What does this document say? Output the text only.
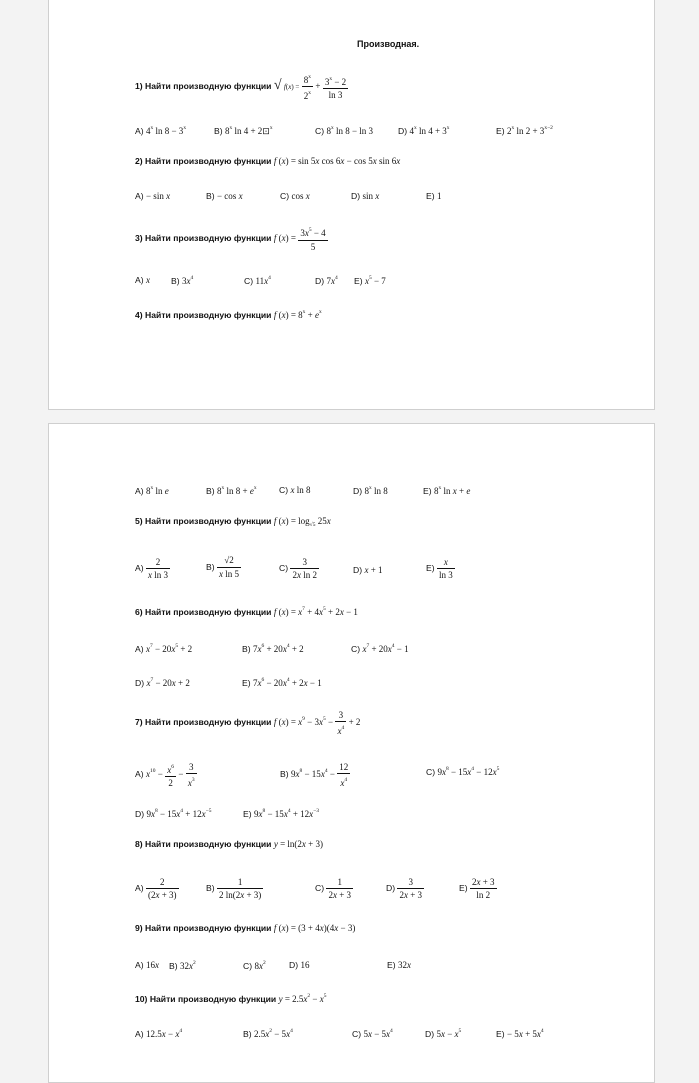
Производная.
1) Найти производную функции √ $f(x) = \frac{8^x}{2^x} + \frac{3^x - 2}{\ln 3}$
A) 4$^x$ $\ln 8 - 3^x$	B) 8$^x$ ln 4 + 2⊡$^x$	C) 8$^x$ ln 8 − ln 3	D) 4$^x$ $\ln 4 + 3^x$	E) 2$^x$ $\ln 2 + 3^{x-2}$
2) Найти производную функции f (x) = sin 5x cos 6x − cos 5x sin 6x
A) − sin x	B) − cos x	C) cos x	D) sin x	E) 1
3) Найти производную функции f $(x) = \frac{3x^5 - 4}{5}$
A) x B) $3x^4$	C) $11x^4$	D) $7x^4$ E) $x^5 - 7$
4) Найти производную функции f $(x) = 8^x + e^x$
A) 8$^x$ ln e	B) 8$^x$ $\ln 8 + e^x$	C) x ln 8	D) 8$^x$ ln 8	E) 8$^x$ ln x + e
5) Найти производную функции f $(x) = \log_{√5} 25x$
$A) \frac{2}{\text{x ln 3}}$	$B) \frac{√2}{\text{x ln 5}}$	$C) \frac{3}{\text{2x ln 2}}$	D) x + 1	$E) \frac{x}{\ln 3}$
6) Найти производную функции f $(x) = x^7 + 4x^5 + 2x - 1$
A) $x^7 - 20x^5 + 2$	B) $7x^6 + 20x^4 + 2$	C) $x^7 + 20x^4 - 1$
D) $x^7 - 20x + 2$	E) $7x^6 - 20x^4 + 2x - 1$
7) Найти производную функции f $(x) = x^9 - 3x^5 - \frac{3}{x^4} + 2$
A) $x^{10} - \frac{x^6}{2} - \frac{3}{x^3}$	B) $9x^8 - 15x^4 - \frac{12}{x^4}$	C) $9x^8 - 15x^4 - 12x^5$
D) $9x^8 - 15x^4 + 12x^{-5}$	E) $9x^8 - 15x^4 + 12x^{-3}$
8) Найти производную функции y = ln(2x + 3)
$A) \frac{2}{(2x + 3)}$	$B) \frac{1}{2 \ln(2x + 3)}$	$C) \frac{1}{2x + 3}$	$D) \frac{3}{2x + 3}$	$E) \frac{2x + 3}{\ln 2}$
9) Найти производную функции f (x) = (3 + 4x)(4x − 3)
A) 16x B) $32x^2$	C) $8x^2$	D) 16	E) 32x
10) Найти производную функции $y = 2.5x^2 - x^5$
A) $12.5x - x^4$	B) $2.5x^2 - 5x^4$	C) $5x - 5x^4$	D) $5x - x^5$	$E) - 5x + 5x^4$
